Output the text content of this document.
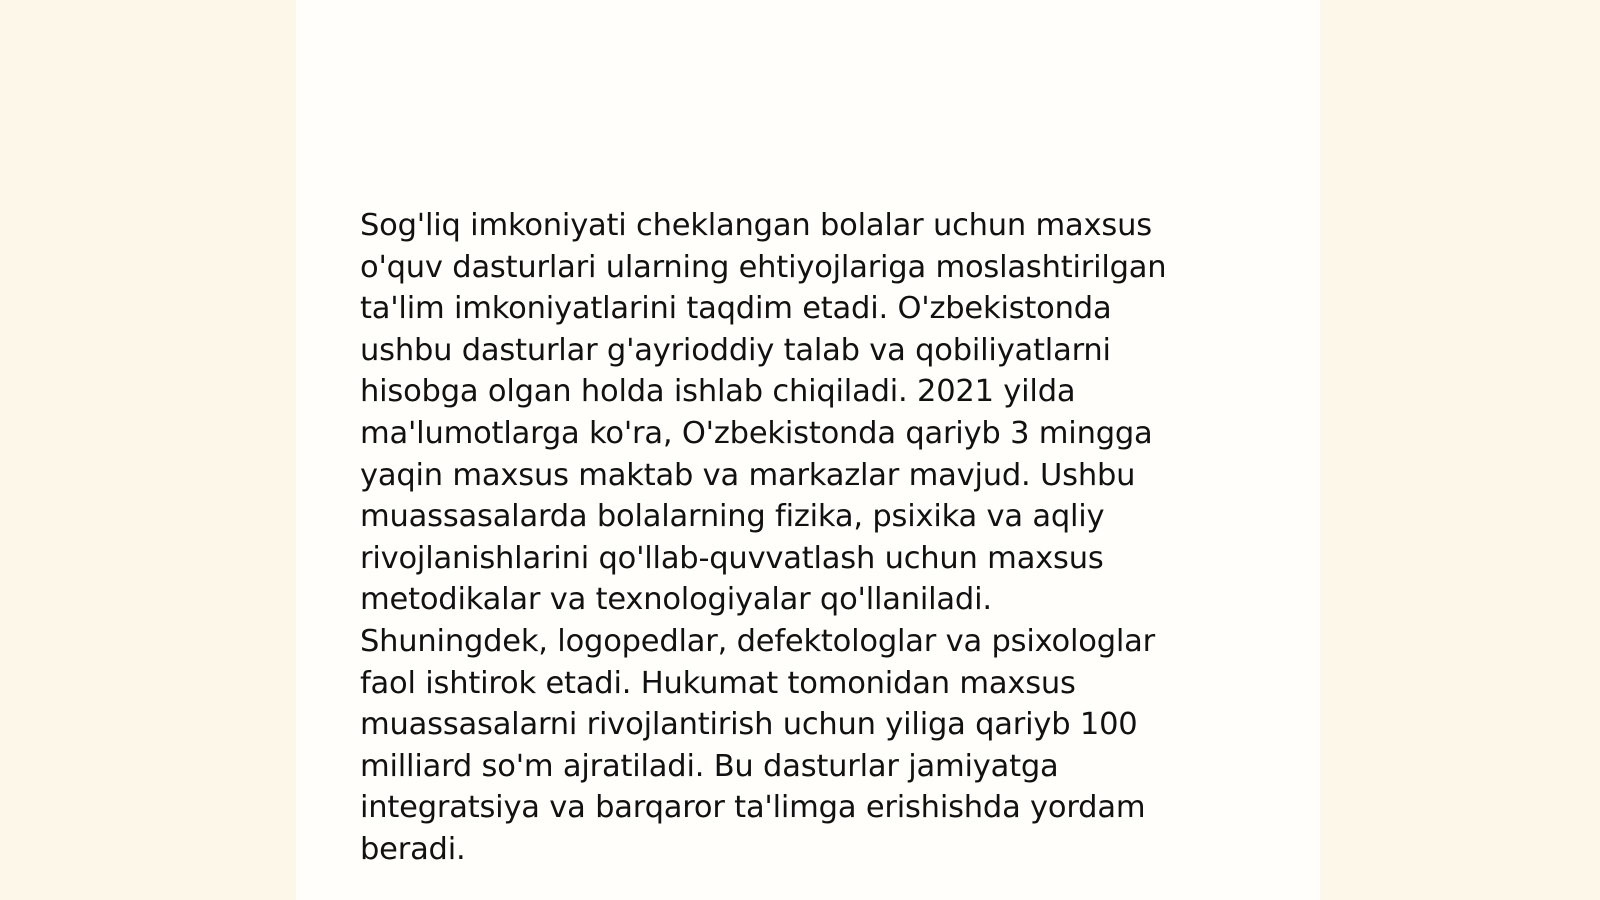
Sog'liq imkoniyati cheklangan bolalar uchun maxsus
o'quv dasturlari ularning ehtiyojlariga moslashtirilgan
ta'lim imkoniyatlarini taqdim etadi. O'zbekistonda
ushbu dasturlar g'ayrioddiy talab va qobiliyatlarni
hisobga olgan holda ishlab chiqiladi. 2021 yilda
ma'lumotlarga ko'ra, O'zbekistonda qariyb 3 mingga
yaqin maxsus maktab va markazlar mavjud. Ushbu
muassasalarda bolalarning fizika, psixika va aqliy
rivojlanishlarini qo'llab-quvvatlash uchun maxsus
metodikalar va texnologiyalar qo'llaniladi.
Shuningdek, logopedlar, defektologlar va psixologlar
faol ishtirok etadi. Hukumat tomonidan maxsus
muassasalarni rivojlantirish uchun yiliga qariyb 100
milliard so'm ajratiladi. Bu dasturlar jamiyatga
integratsiya va barqaror ta'limga erishishda yordam
beradi.
